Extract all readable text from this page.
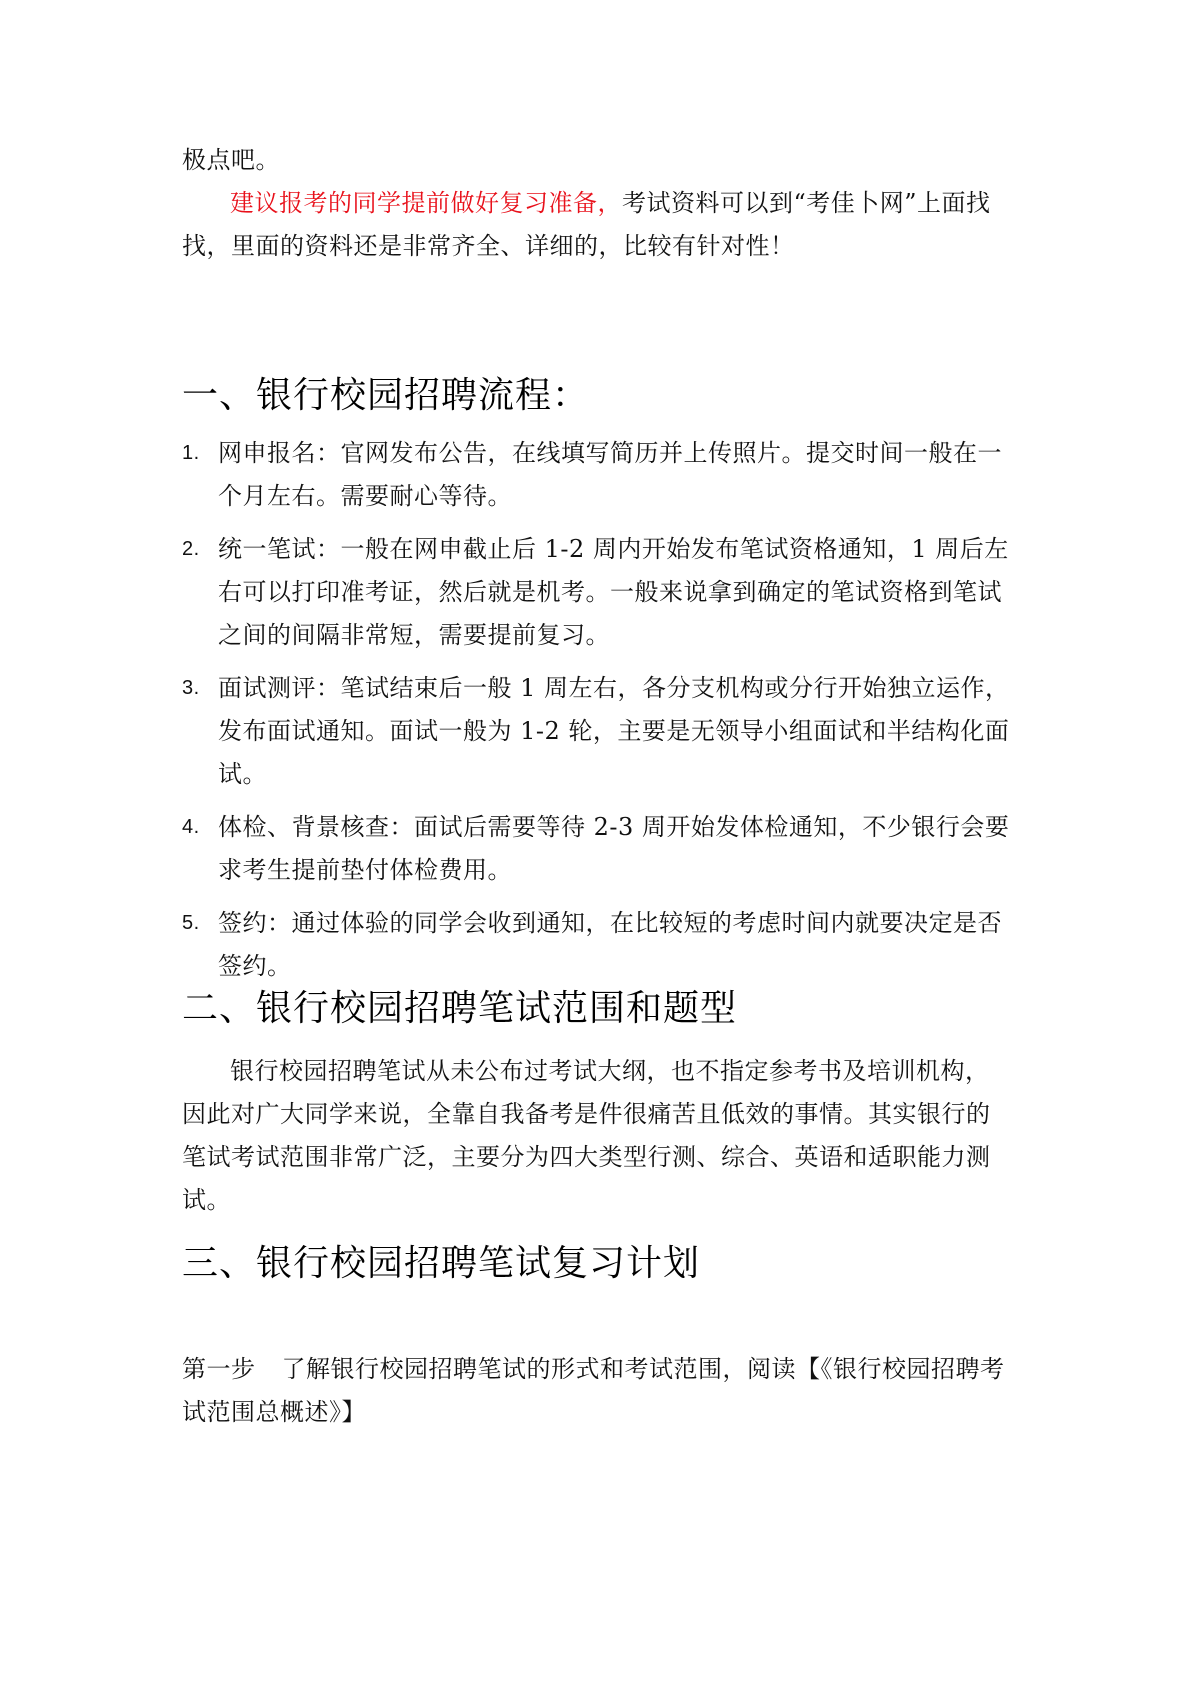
极点吧。

建议报考的同学提前做好复习准备，考试资料可以到“考佳卜网”上面找找，里面的资料还是非常齐全、详细的，比较有针对性！

一、银行校园招聘流程：
1. 网申报名：官网发布公告，在线填写简历并上传照片。提交时间一般在一个月左右。需要耐心等待。
2. 统一笔试：一般在网申截止后 1-2 周内开始发布笔试资格通知，1 周后左右可以打印准考证，然后就是机考。一般来说拿到确定的笔试资格到笔试之间的间隔非常短，需要提前复习。
3. 面试测评：笔试结束后一般 1 周左右，各分支机构或分行开始独立运作，发布面试通知。面试一般为 1-2 轮，主要是无领导小组面试和半结构化面试。
4. 体检、背景核查：面试后需要等待 2-3 周开始发体检通知，不少银行会要求考生提前垫付体检费用。
5. 签约：通过体验的同学会收到通知，在比较短的考虑时间内就要决定是否签约。
二、银行校园招聘笔试范围和题型

银行校园招聘笔试从未公布过考试大纲，也不指定参考书及培训机构，因此对广大同学来说，全靠自我备考是件很痛苦且低效的事情。其实银行的笔试考试范围非常广泛，主要分为四大类型行测、综合、英语和适职能力测试。

三、银行校园招聘笔试复习计划

第一步 了解银行校园招聘笔试的形式和考试范围，阅读【《银行校园招聘考试范围总概述》】
